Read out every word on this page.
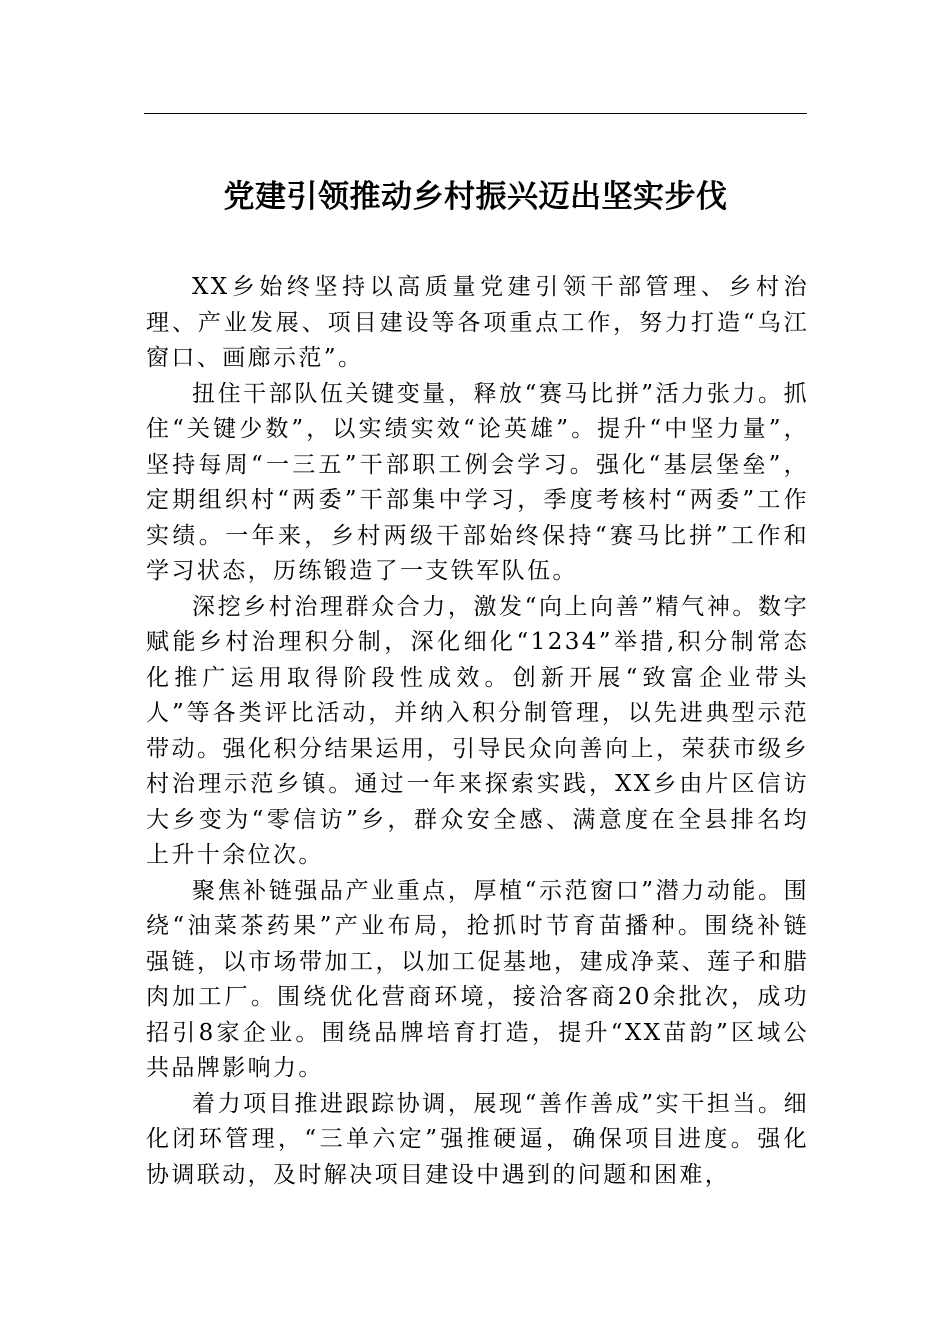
党建引领推动乡村振兴迈出坚实步伐

XX乡始终坚持以高质量党建引领干部管理、乡村治理、产业发展、项目建设等各项重点工作，努力打造“乌江窗口、画廊示范”。

扭住干部队伍关键变量，释放“赛马比拼”活力张力。抓住“关键少数”，以实绩实效“论英雄”。提升“中坚力量”，坚持每周“一三五”干部职工例会学习。强化“基层堡垒”，定期组织村“两委”干部集中学习，季度考核村“两委”工作实绩。一年来，乡村两级干部始终保持“赛马比拼”工作和学习状态，历练锻造了一支铁军队伍。

深挖乡村治理群众合力，激发“向上向善”精气神。数字赋能乡村治理积分制，深化细化“1234”举措,积分制常态化推广运用取得阶段性成效。创新开展“致富企业带头人”等各类评比活动，并纳入积分制管理，以先进典型示范带动。强化积分结果运用，引导民众向善向上，荣获市级乡村治理示范乡镇。通过一年来探索实践，XX乡由片区信访大乡变为“零信访”乡，群众安全感、满意度在全县排名均上升十余位次。

聚焦补链强品产业重点，厚植“示范窗口”潜力动能。围绕“油菜茶药果”产业布局，抢抓时节育苗播种。围绕补链强链，以市场带加工，以加工促基地，建成净菜、莲子和腊肉加工厂。围绕优化营商环境，接洽客商20余批次，成功招引8家企业。围绕品牌培育打造，提升“XX苗韵”区域公共品牌影响力。

着力项目推进跟踪协调，展现“善作善成”实干担当。细化闭环管理，“三单六定”强推硬逼，确保项目进度。强化协调联动，及时解决项目建设中遇到的问题和困难，
